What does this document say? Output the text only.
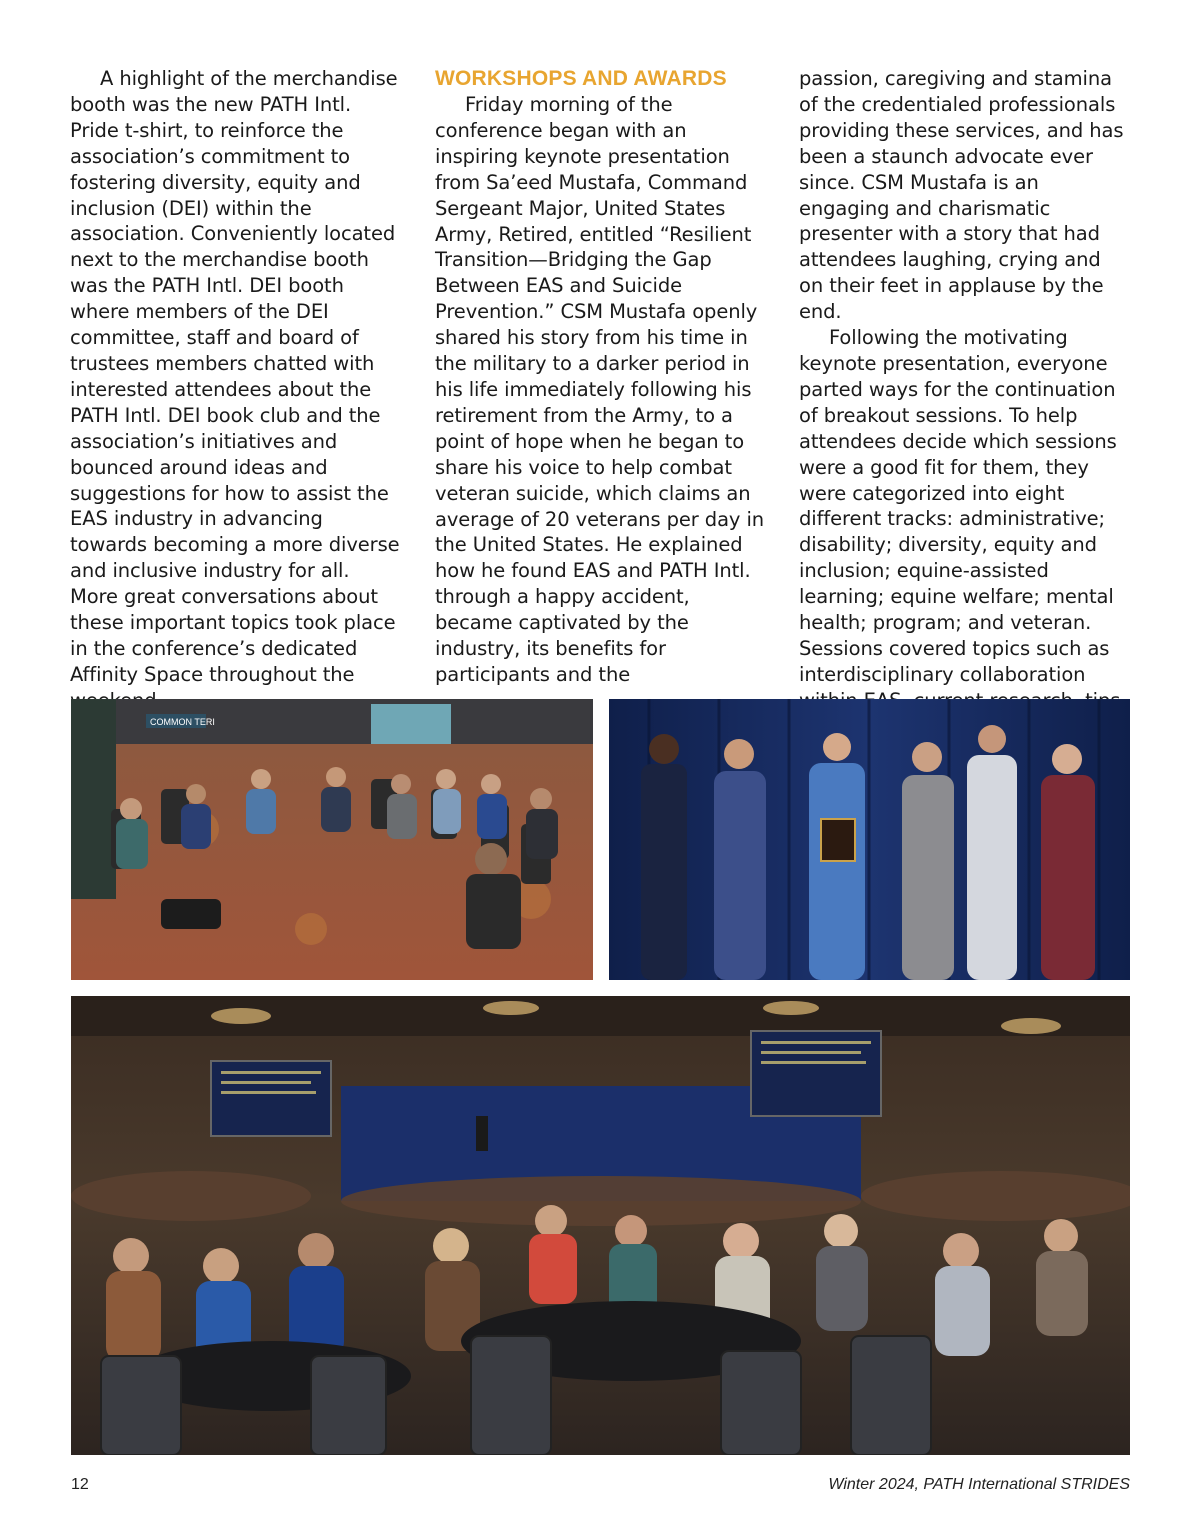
A highlight of the merchandise booth was the new PATH Intl. Pride t-shirt, to reinforce the association’s commitment to fostering diversity, equity and inclusion (DEI) within the association. Conveniently located next to the merchandise booth was the PATH Intl. DEI booth where members of the DEI committee, staff and board of trustees members chatted with interested attendees about the PATH Intl. DEI book club and the association’s initiatives and bounced around ideas and suggestions for how to assist the EAS industry in advancing towards becoming a more diverse and inclusive industry for all. More great conversations about these important topics took place in the conference’s dedicated Affinity Space throughout the

WORKSHOPS AND AWARDS

Friday morning of the conference began with an inspiring keynote presentation from Sa’eed Mustafa, Command Sergeant Major, United States Army, Retired, entitled “Resilient Transition—Bridging the Gap Between EAS and Suicide Prevention.” CSM Mustafa openly shared his story from his time in the military to a darker period in his life immediately following his retirement from the Army, to a point of hope when he began to share his voice to help combat veteran suicide, which claims an average of 20 veterans per day in the United States. He explained how he found EAS and PATH Intl. through a happy accident, became captivated by the industry, its benefits for participants and the

passion, caregiving and stamina of the credentialed professionals providing these services, and has been a staunch advocate ever since. CSM Mustafa is an engaging and charismatic presenter with a story that had attendees laughing, crying and on their feet in applause by the end.

Following the motivating keynote presentation, everyone parted ways for the continuation of breakout sessions. To help attendees decide which sessions were a good fit for them, they were categorized into eight different tracks: administrative; disability; diversity, equity and inclusion; equine-assisted learning; equine welfare; mental health; program; and veteran. Sessions covered topics such as interdisciplinary collaboration

COMMON TERI
12	Winter 2024, PATH International STRIDES
